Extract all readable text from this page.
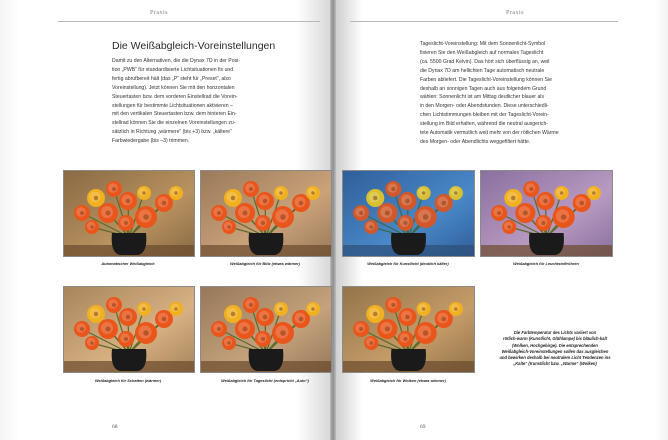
Praxis
Die Weißabgleich-Voreinstellungen
Damit zu den Alternativen, die die Dynax 7D in der Posi-
tion „PWB“ für standardisierte Lichtsituationen fix und
fertig abrufbereit hält (das „P“ steht für „Preset“, also
Voreinstellung). Jetzt können Sie mit den horizontalen
Steuertasten bzw. dem vorderen Einstellrad die Vorein-
stellungen für bestimmte Lichtsituationen aktivieren –
mit den vertikalen Steuertasten bzw. dem hinteren Ein-
stellrad können Sie die einzelnen Voreinstellungen zu-
sätzlich in Richtung „wärmere“ (bis +3) bzw. „kältere“
Farbwiedergabe (bis –3) trimmen.
68
Praxis
Tageslicht-Voreinstellung: Mit dem Sonnenlicht-Symbol
fixieren Sie den Weißabgleich auf normales Tageslicht
(ca. 5500 Grad Kelvin). Das hört sich überflüssig an, weil
die Dynax 7D am hellichten Tage automatisch neutrale
Farben abliefert. Die Tageslicht-Voreinstellung können Sie
deshalb an sonnigen Tagen auch aus folgendem Grund
wählen: Sonnenlicht ist am Mittag deutlicher blauer als
in den Morgen- oder Abendstunden. Diese unterschiedli-
chen Lichtstimmungen bleiben mit der Tageslicht-Vorein-
stellung im Bild erhalten, während die neutral ausgerich-
tete Automatik vermutlich weit mehr von der rötlichen Wärme
des Morgen- oder Abendlichts weggefiltert hätte.
69
Automatischer Weißabgleich	Weißabgleich für Blitz (etwas wärmer)	Weißabgleich für Kunstlicht (deutlich kälter)	Weißabgleich für Leuchtstoffröhren
Weißabgleich für Schatten (wärmer)	Weißabgleich für Tageslicht (entspricht „Auto“)	Weißabgleich für Wolken (etwas wärmer)
Die Farbtemperatur des Lichts variiert von
rötlich-warm (Kunstlicht, Glühlampe) bis bläulich-kalt
(Wolken, Hochgebirge). Die entsprechenden
Weißabgleich-Voreinstellungen sollen das ausgleichen
und bewirken deshalb bei neutralem Licht Tendenzen ins
„Kalte“ (Kunstlicht bzw. „Warme“ (Wolken)
